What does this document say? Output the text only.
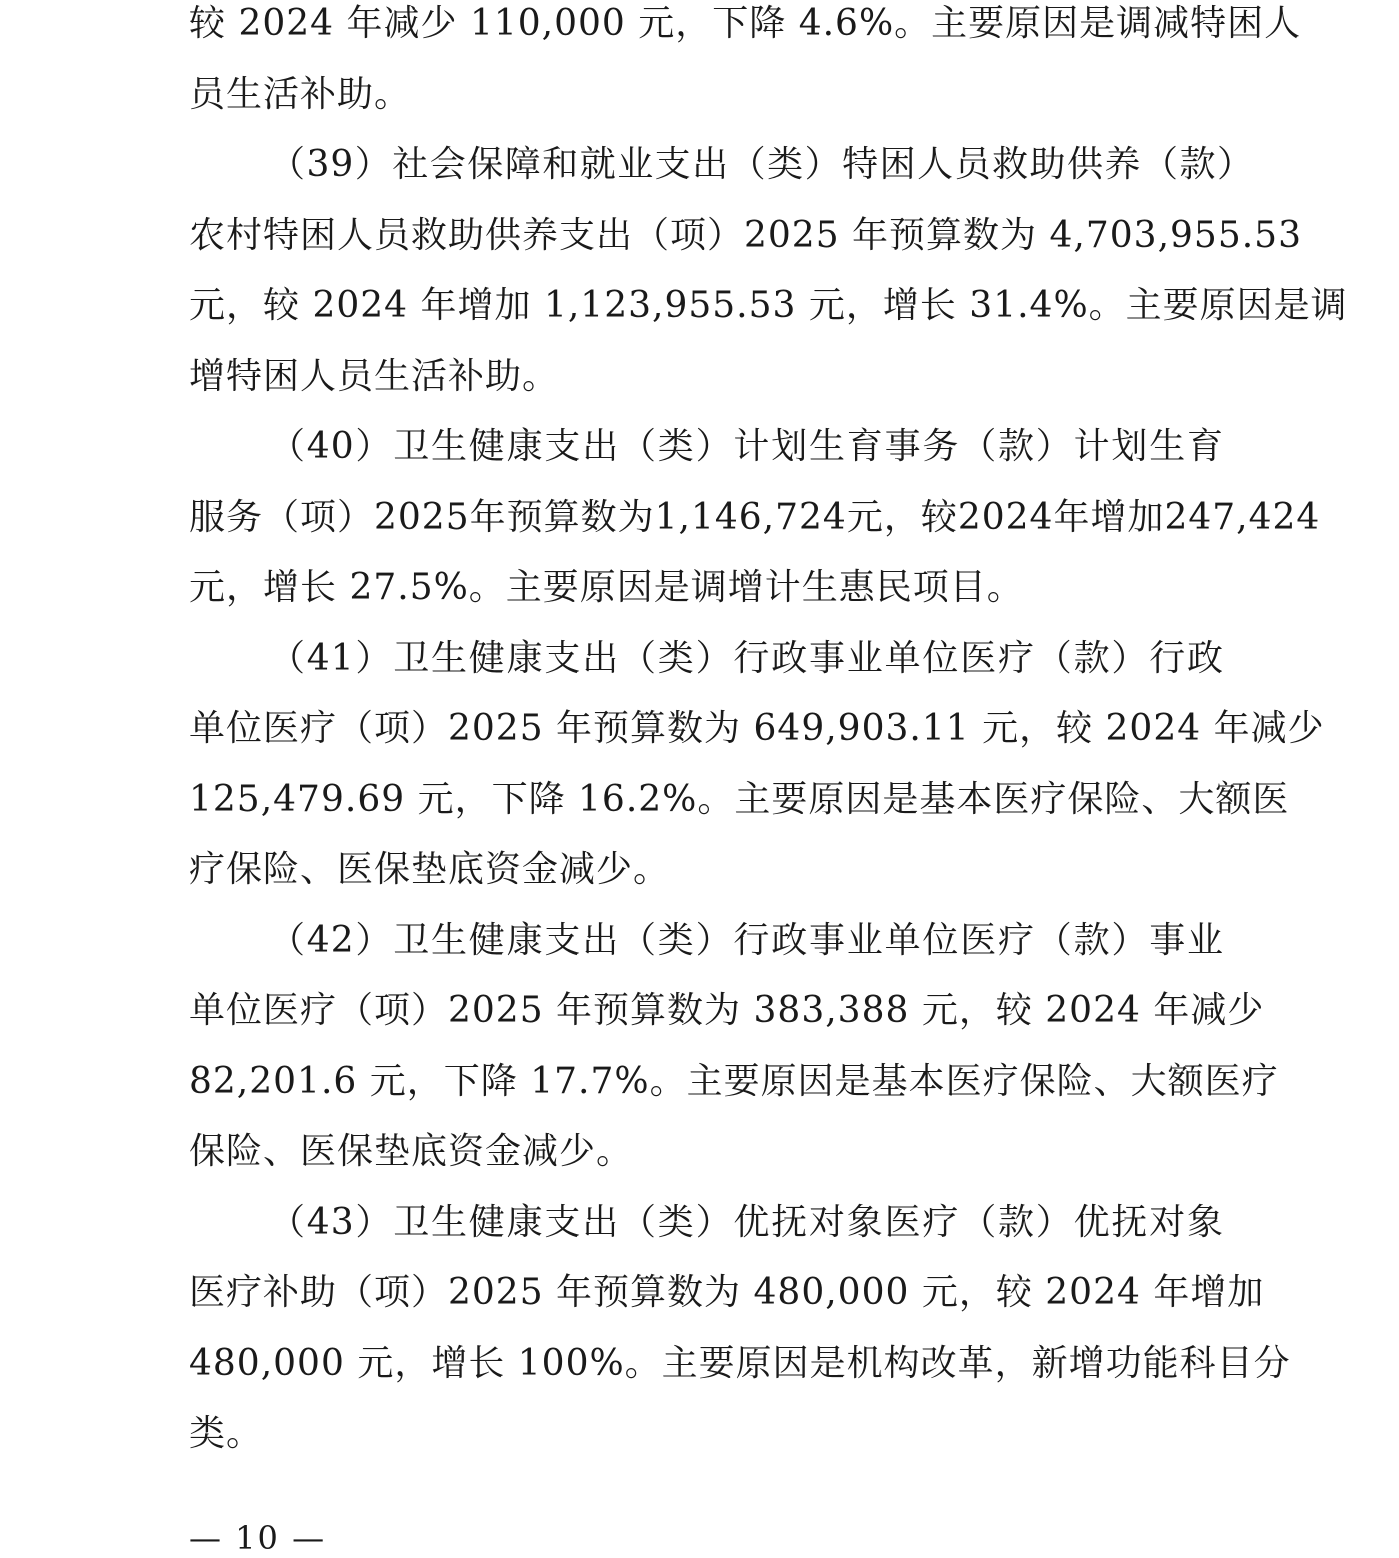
较 2024 年减少 110,000 元，下降 4.6%。主要原因是调减特困人
员生活补助。
（39）社会保障和就业支出（类）特困人员救助供养（款）
农村特困人员救助供养支出（项）2025 年预算数为 4,703,955.53
元，较 2024 年增加 1,123,955.53 元，增长 31.4%。主要原因是调
增特困人员生活补助。
（40）卫生健康支出（类）计划生育事务（款）计划生育
服务（项）2025年预算数为1,146,724元，较2024年增加247,424
元，增长 27.5%。主要原因是调增计生惠民项目。
（41）卫生健康支出（类）行政事业单位医疗（款）行政
单位医疗（项）2025 年预算数为 649,903.11 元，较 2024 年减少
125,479.69 元，下降 16.2%。主要原因是基本医疗保险、大额医
疗保险、医保垫底资金减少。
（42）卫生健康支出（类）行政事业单位医疗（款）事业
单位医疗（项）2025 年预算数为 383,388 元，较 2024 年减少
82,201.6 元，下降 17.7%。主要原因是基本医疗保险、大额医疗
保险、医保垫底资金减少。
（43）卫生健康支出（类）优抚对象医疗（款）优抚对象
医疗补助（项）2025 年预算数为 480,000 元，较 2024 年增加
480,000 元，增长 100%。主要原因是机构改革，新增功能科目分
类。
— 10 —
